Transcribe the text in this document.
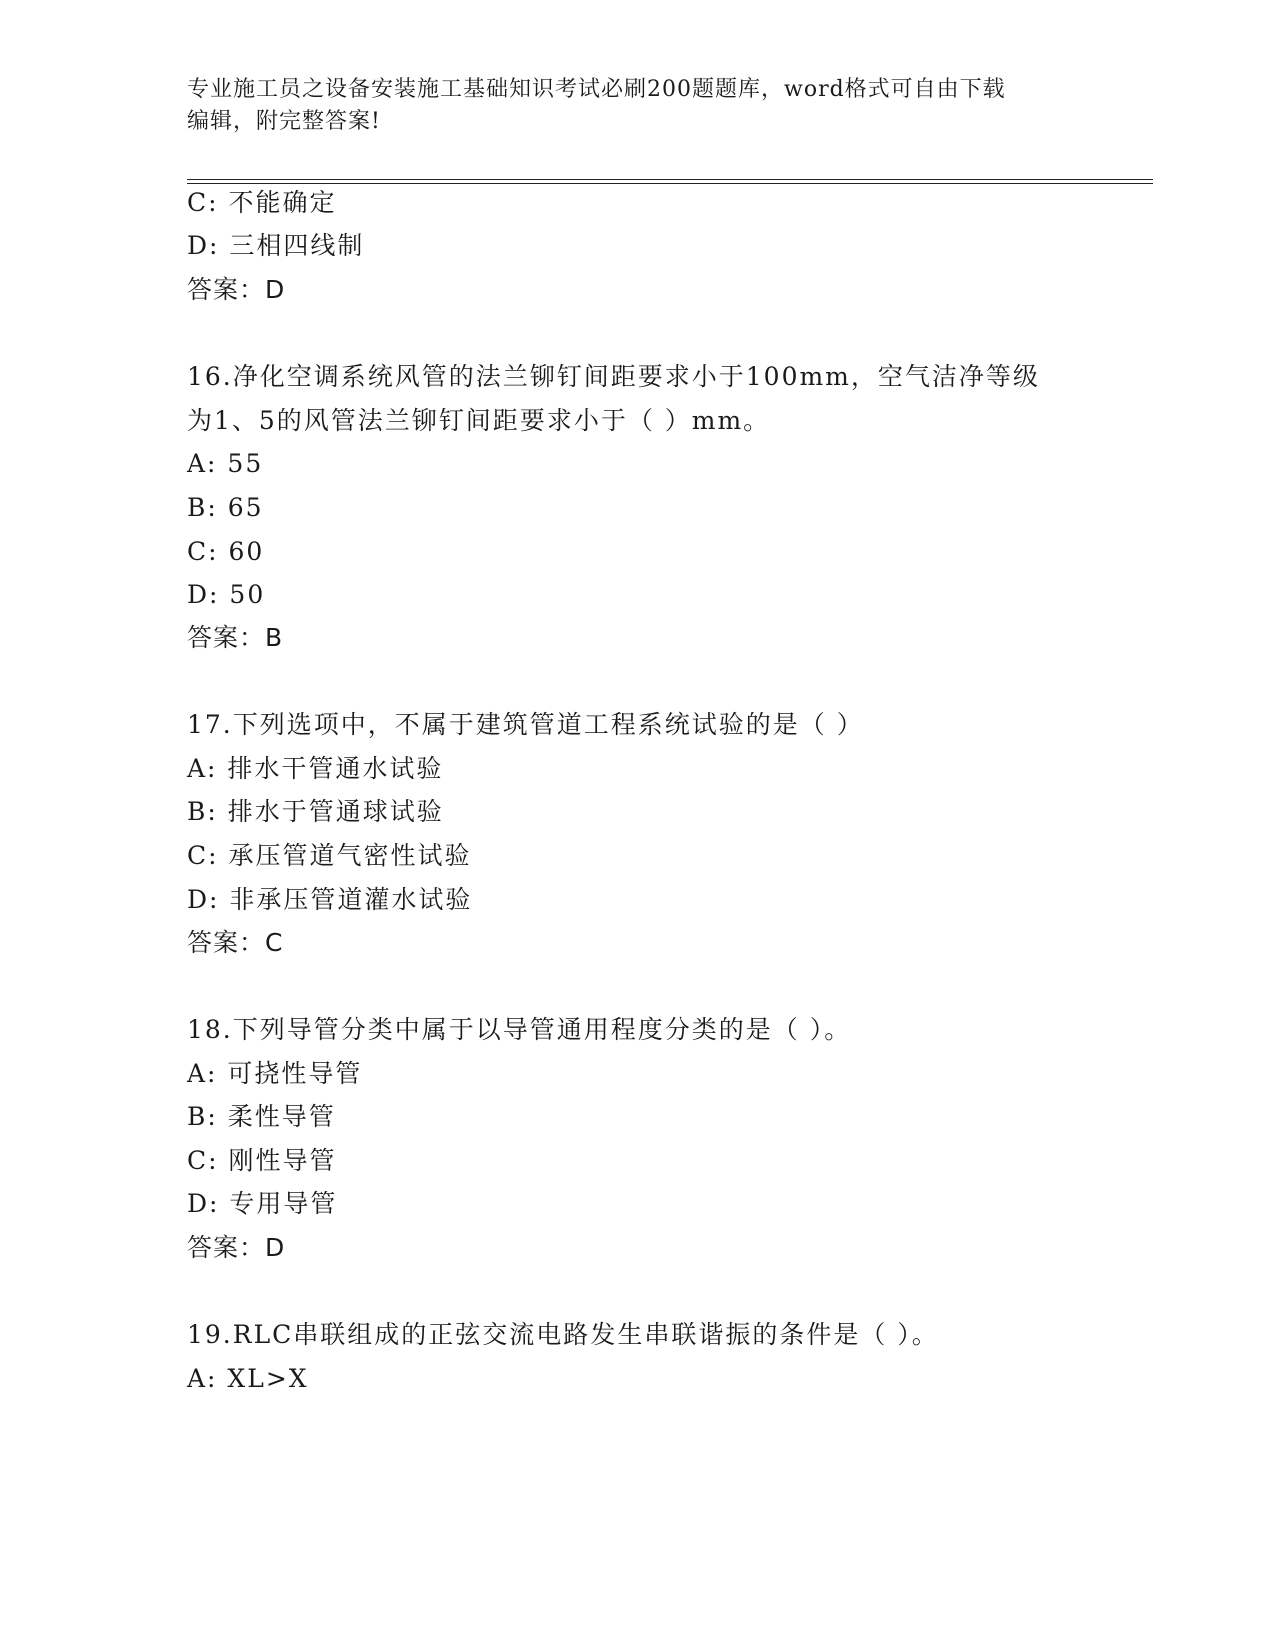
专业施工员之设备安装施工基础知识考试必刷200题题库，word格式可自由下载
编辑，附完整答案!
C: 不能确定
D: 三相四线制
答案：D
16.净化空调系统风管的法兰铆钉间距要求小于100mm，空气洁净等级
为1、5的风管法兰铆钉间距要求小于（ ）mm。
A: 55
B: 65
C: 60
D: 50
答案：B
17.下列选项中，不属于建筑管道工程系统试验的是（ ）
A: 排水干管通水试验
B: 排水于管通球试验
C: 承压管道气密性试验
D: 非承压管道灌水试验
答案：C
18.下列导管分类中属于以导管通用程度分类的是（ ）。
A: 可挠性导管
B: 柔性导管
C: 刚性导管
D: 专用导管
答案：D
19.RLC串联组成的正弦交流电路发生串联谐振的条件是（ ）。
A: XL>X
